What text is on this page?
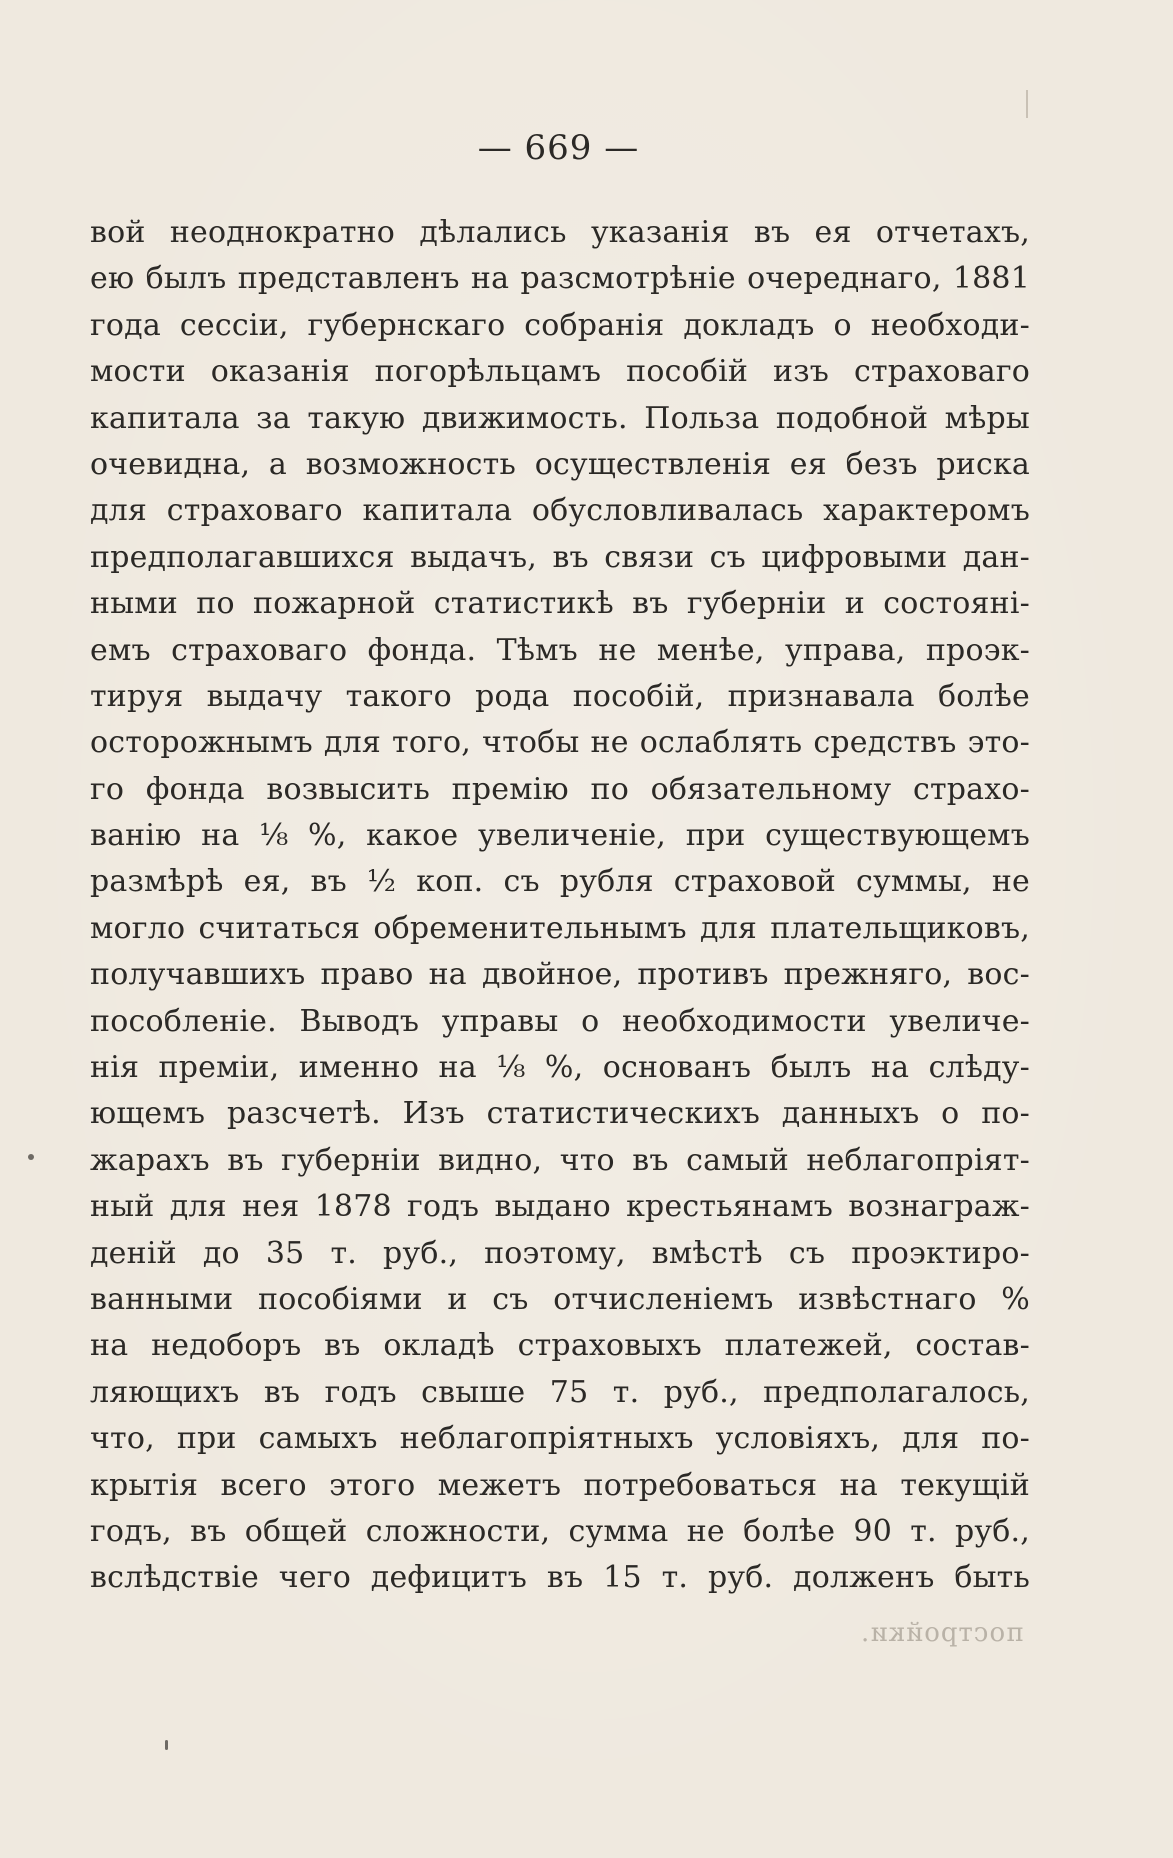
— 669 —
вой неоднократно дѣлались указанія въ ея отчетахъ,
ею былъ представленъ на разсмотрѣніе очереднаго, 1881
года сессіи, губернскаго собранія докладъ о необходи-
мости оказанія погорѣльцамъ пособій изъ страховаго
капитала за такую движимость. Польза подобной мѣры
очевидна, а возможность осуществленія ея безъ риска
для страховаго капитала обусловливалась характеромъ
предполагавшихся выдачъ, въ связи съ цифровыми дан-
ными по пожарной статистикѣ въ губерніи и состояні-
емъ страховаго фонда. Тѣмъ не менѣе, управа, проэк-
тируя выдачу такого рода пособій, признавала болѣе
осторожнымъ для того, чтобы не ослаблять средствъ это-
го фонда возвысить премію по обязательному страхо-
ванію на ⅛ %, какое увеличеніе, при существующемъ
размѣрѣ ея, въ ½ коп. съ рубля страховой суммы, не
могло считаться обременительнымъ для плательщиковъ,
получавшихъ право на двойное, противъ прежняго, вос-
пособленіе. Выводъ управы о необходимости увеличе-
нія преміи, именно на ⅛ %, основанъ былъ на слѣду-
ющемъ разсчетѣ. Изъ статистическихъ данныхъ о по-
жарахъ въ губерніи видно, что въ самый неблагопріят-
ный для нея 1878 годъ выдано крестьянамъ вознаграж-
деній до 35 т. руб., поэтому, вмѣстѣ съ проэктиро-
ванными пособіями и съ отчисленіемъ извѣстнаго %
на недоборъ въ окладѣ страховыхъ платежей, состав-
ляющихъ въ годъ свыше 75 т. руб., предполагалось,
что, при самыхъ неблагопріятныхъ условіяхъ, для по-
крытія всего этого межетъ потребоваться на текущій
годъ, въ общей сложности, сумма не болѣе 90 т. руб.,
вслѣдствіе чего дефицитъ въ 15 т. руб. долженъ быть
постройки.
